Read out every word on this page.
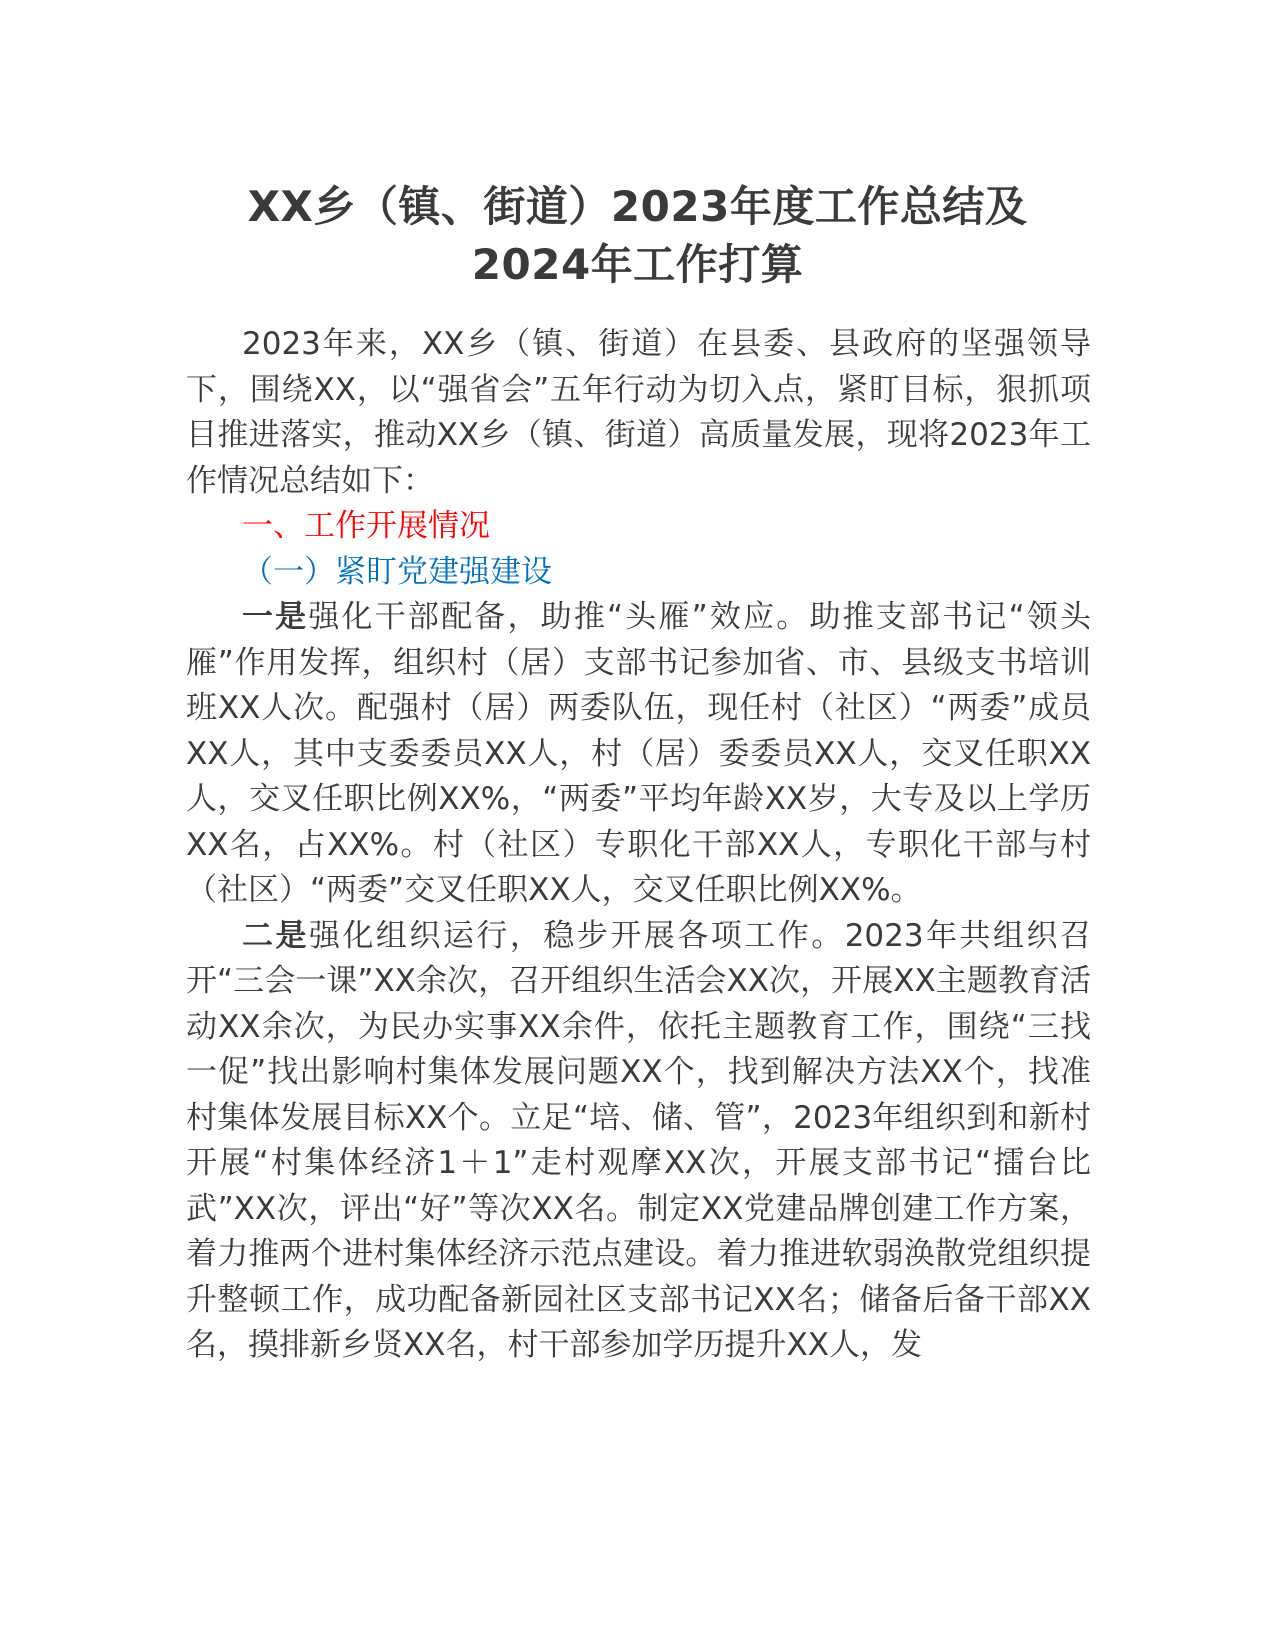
XX乡（镇、街道）2023年度工作总结及
2024年工作打算

2023年来，XX乡（镇、街道）在县委、县政府的坚强领导下，围绕XX，以“强省会”五年行动为切入点，紧盯目标，狠抓项目推进落实，推动XX乡（镇、街道）高质量发展，现将2023年工作情况总结如下：

一、工作开展情况

（一）紧盯党建强建设

一是强化干部配备，助推“头雁”效应。助推支部书记“领头雁”作用发挥，组织村（居）支部书记参加省、市、县级支书培训班XX人次。配强村（居）两委队伍，现任村（社区）“两委”成员XX人，其中支委委员XX人，村（居）委委员XX人，交叉任职XX人，交叉任职比例XX%，“两委”平均年龄XX岁，大专及以上学历XX名，占XX%。村（社区）专职化干部XX人，专职化干部与村（社区）“两委”交叉任职XX人，交叉任职比例XX%。

二是强化组织运行，稳步开展各项工作。2023年共组织召开“三会一课”XX余次，召开组织生活会XX次，开展XX主题教育活动XX余次，为民办实事XX余件，依托主题教育工作，围绕“三找一促”找出影响村集体发展问题XX个，找到解决方法XX个，找准村集体发展目标XX个。立足“培、储、管”，2023年组织到和新村开展“村集体经济1＋1”走村观摩XX次，开展支部书记“擂台比武”XX次，评出“好”等次XX名。制定XX党建品牌创建工作方案，着力推两个进村集体经济示范点建设。着力推进软弱涣散党组织提升整顿工作，成功配备新园社区支部书记XX名；储备后备干部XX名，摸排新乡贤XX名，村干部参加学历提升XX人，发
